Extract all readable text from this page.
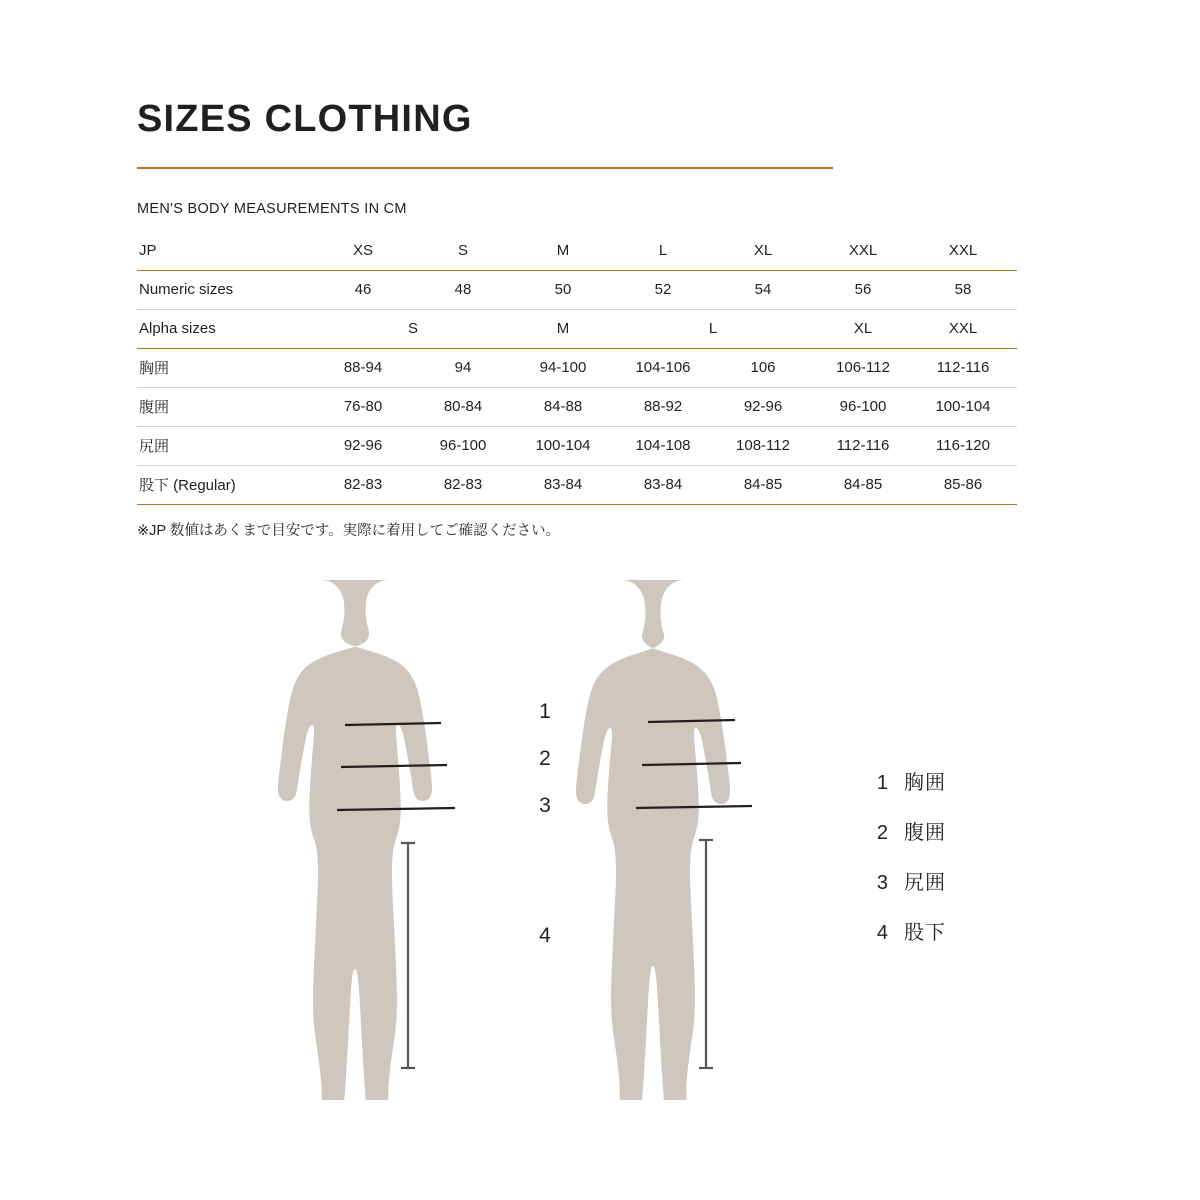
SIZES CLOTHING
MEN'S BODY MEASUREMENTS IN CM
JP	XS	S	M	L	XL	XXL	XXL	
Numeric sizes	46	48	50	52	54	56	58	
Alpha sizes	S		M	L		XL	XXL	
胸囲	88-94	94	94-100	104-106	106	106-112	112-116	
腹囲	76-80	80-84	84-88	88-92	92-96	96-100	100-104	
尻囲	92-96	96-100	100-104	104-108	108-112	112-116	116-120	
股下 (Regular)	82-83	82-83	83-84	83-84	84-85	84-85	85-86	
※JP 数値はあくまで目安です。実際に着用してご確認ください。
1
2
3
4
1 胸囲
2 腹囲
3 尻囲
4 股下
